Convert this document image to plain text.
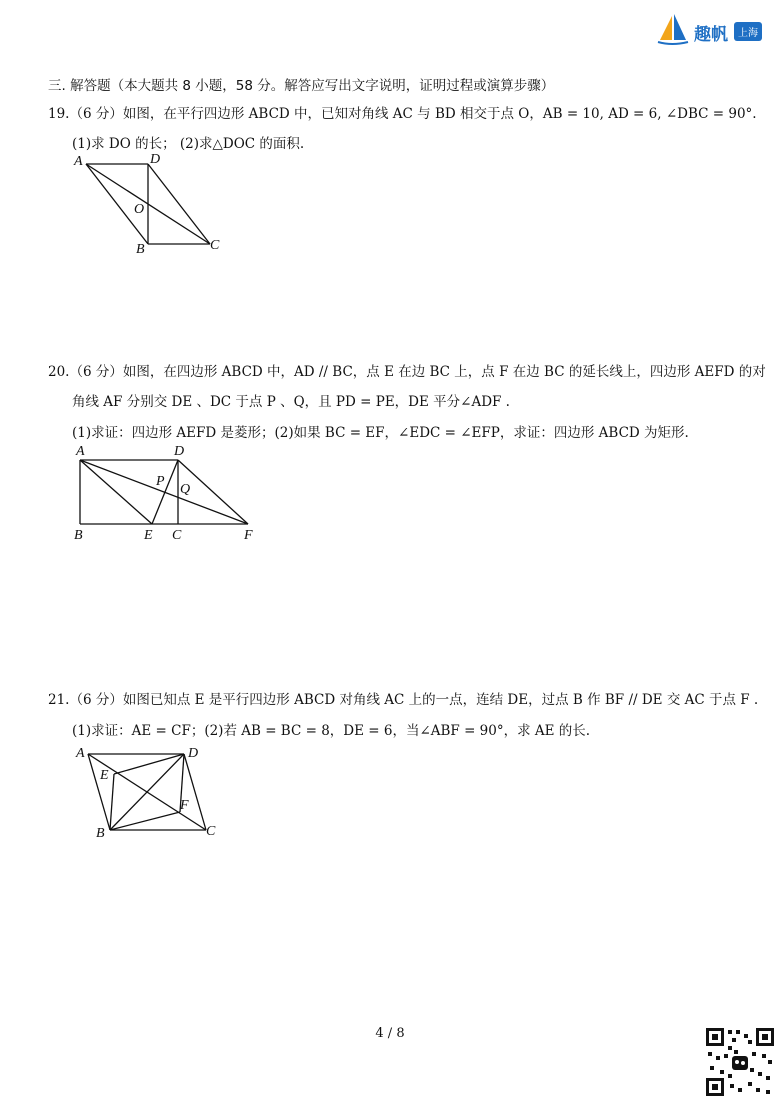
趣帆	上海
三. 解答题（本大题共 8 小题，58 分。解答应写出文字说明，证明过程或演算步骤）
19.（6 分）如图，在平行四边形 ABCD 中，已知对角线 AC 与 BD 相交于点 O，AB = 10, AD = 6, ∠DBC = 90°.
(1)求 DO 的长； (2)求△DOC 的面积.
A	D
O
B	C
20.（6 分）如图，在四边形 ABCD 中，AD // BC，点 E 在边 BC 上，点 F 在边 BC 的延长线上，四边形 AEFD 的对
角线 AF 分别交 DE 、DC 于点 P 、Q，且 PD = PE，DE 平分∠ADF .
(1)求证：四边形 AEFD 是菱形；(2)如果 BC = EF，∠EDC = ∠EFP，求证：四边形 ABCD 为矩形.
A	D
P
Q
B	E C	F
21.（6 分）如图已知点 E 是平行四边形 ABCD 对角线 AC 上的一点，连结 DE，过点 B 作 BF // DE 交 AC 于点 F .
(1)求证：AE = CF；(2)若 AB = BC = 8，DE = 6，当∠ABF = 90°，求 AE 的长.
A	D
E
F
B	C
4 / 8
